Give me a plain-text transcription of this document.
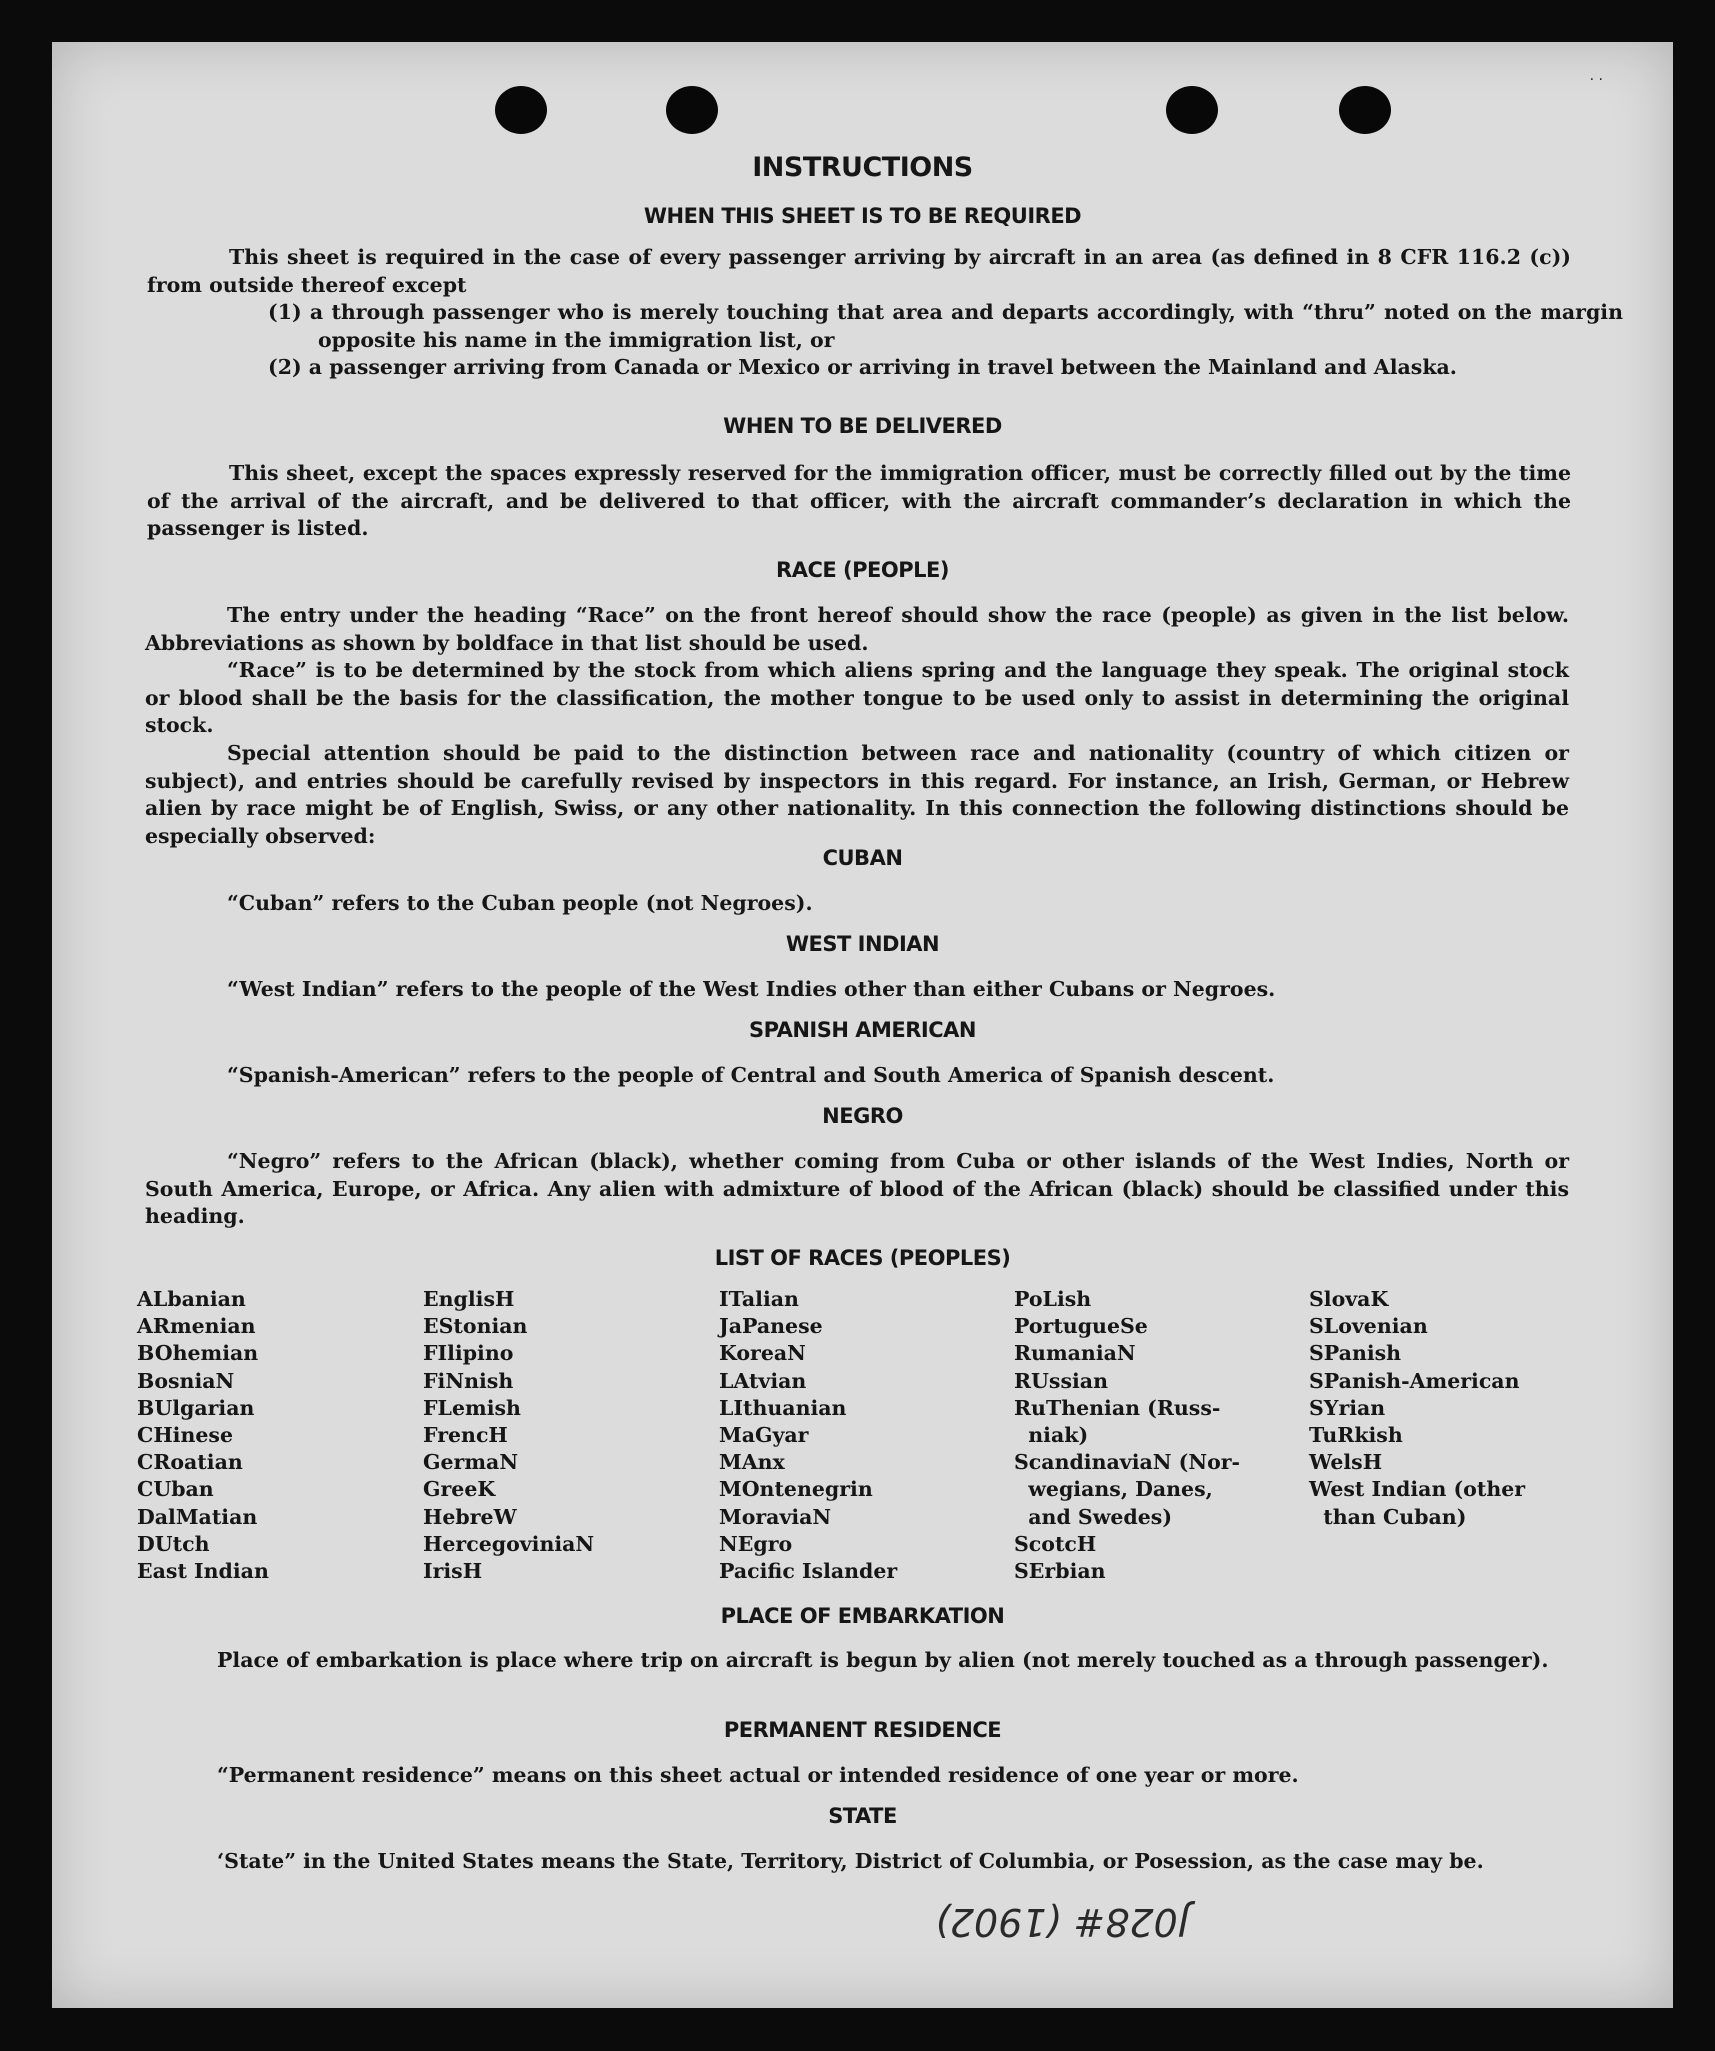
· ·
INSTRUCTIONS
WHEN THIS SHEET IS TO BE REQUIRED

This sheet is required in the case of every passenger arriving by aircraft in an area (as defined in 8 CFR 116.2 (c)) from outside thereof except

(1) a through passenger who is merely touching that area and departs accordingly, with “thru” noted on the margin opposite his name in the immigration list, or

(2) a passenger arriving from Canada or Mexico or arriving in travel between the Mainland and Alaska.

WHEN TO BE DELIVERED

This sheet, except the spaces expressly reserved for the immigration officer, must be correctly filled out by the time of the arrival of the aircraft, and be delivered to that officer, with the aircraft commander’s declaration in which the passenger is listed.

RACE (PEOPLE)

The entry under the heading “Race” on the front hereof should show the race (people) as given in the list below. Abbreviations as shown by boldface in that list should be used.

“Race” is to be determined by the stock from which aliens spring and the language they speak. The original stock or blood shall be the basis for the classification, the mother tongue to be used only to assist in determining the original stock.

Special attention should be paid to the distinction between race and nationality (country of which citizen or subject), and entries should be carefully revised by inspectors in this regard. For instance, an Irish, German, or Hebrew alien by race might be of English, Swiss, or any other nationality. In this connection the following distinctions should be especially observed:

CUBAN

“Cuban” refers to the Cuban people (not Negroes).

WEST INDIAN

“West Indian” refers to the people of the West Indies other than either Cubans or Negroes.

SPANISH AMERICAN

“Spanish-American” refers to the people of Central and South America of Spanish descent.

NEGRO

“Negro” refers to the African (black), whether coming from Cuba or other islands of the West Indies, North or South America, Europe, or Africa. Any alien with admixture of blood of the African (black) should be classified under this heading.

LIST OF RACES (PEOPLES)
ALbanian
ARmenian
BOhemian
BosniaN
BUlgarian
CHinese
CRoatian
CUban
DalMatian
DUtch
East Indian
EnglisH
EStonian
FIlipino
FiNnish
FLemish
FrencH
GermaN
GreeK
HebreW
HercegoviniaN
IrisH
ITalian
JaPanese
KoreaN
LAtvian
LIthuanian
MaGyar
MAnx
MOntenegrin
MoraviaN
NEgro
Pacific Islander
PoLish
PortugueSe
RumaniaN
RUssian
RuThenian (Russ-
niak)
ScandinaviaN (Nor-
wegians, Danes,
and Swedes)
ScotcH
SErbian
SlovaK
SLovenian
SPanish
SPanish-American
SYrian
TuRkish
WelsH
West Indian (other
than Cuban)
PLACE OF EMBARKATION

Place of embarkation is place where trip on aircraft is begun by alien (not merely touched as a through passenger).

PERMANENT RESIDENCE

“Permanent residence” means on this sheet actual or intended residence of one year or more.

STATE

‘State” in the United States means the State, Territory, District of Columbia, or Posession, as the case may be.

J028# (1902)
